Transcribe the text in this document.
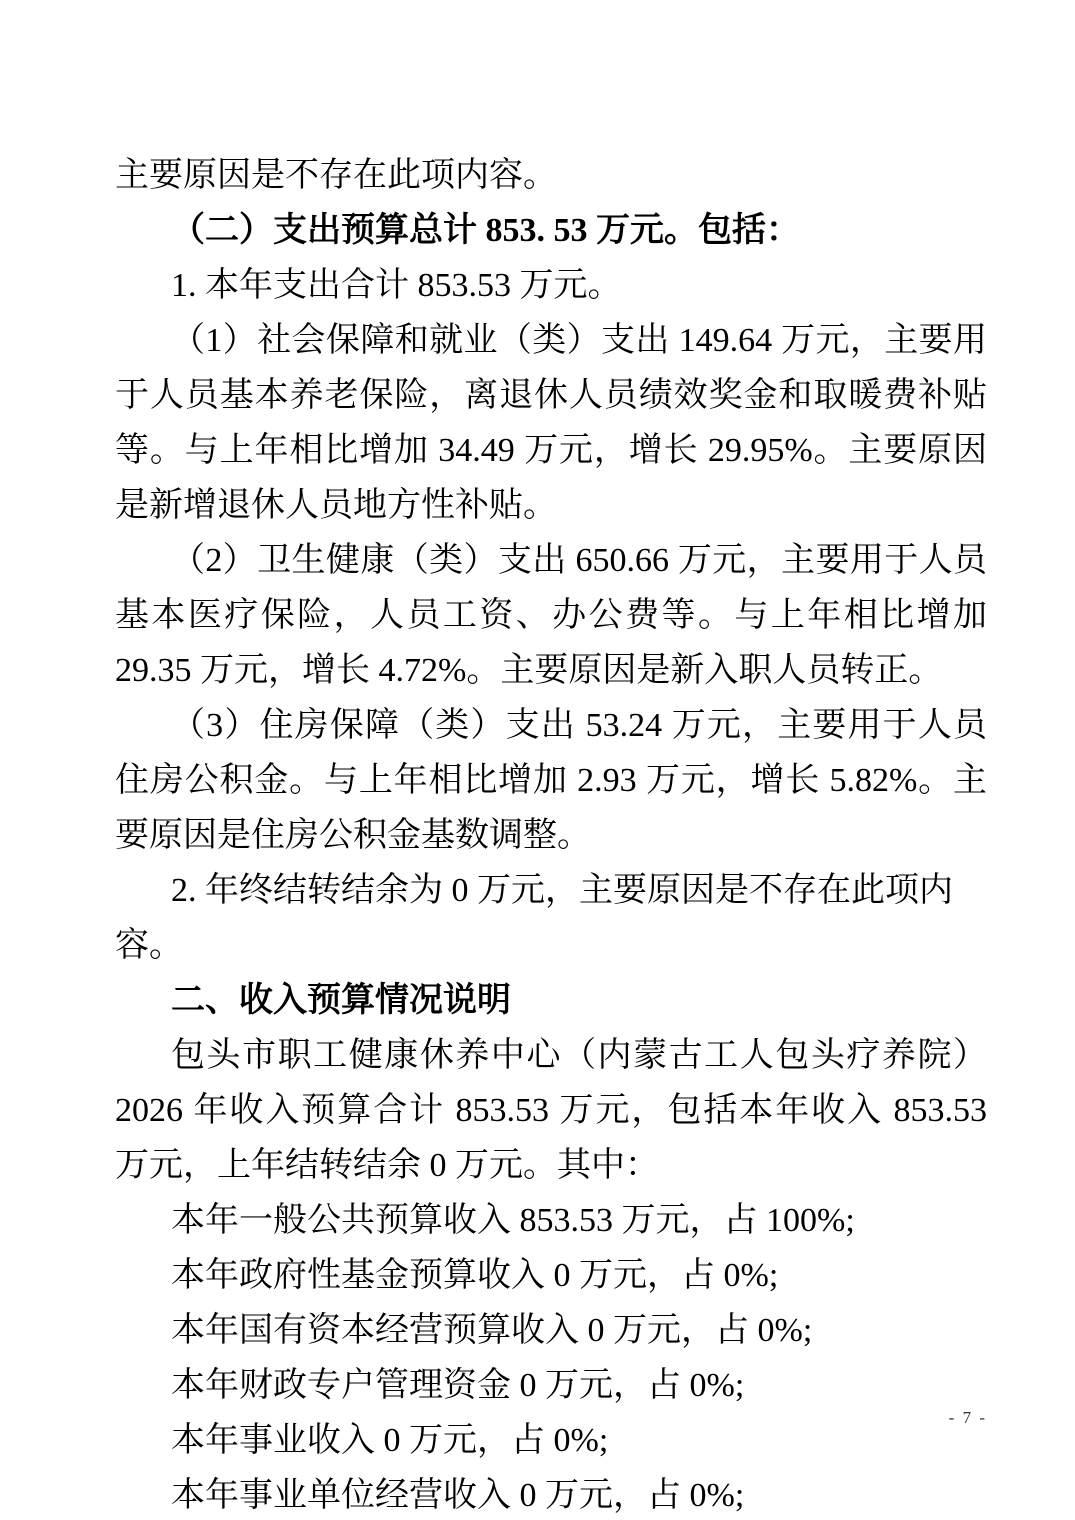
主要原因是不存在此项内容。

（二）支出预算总计 853. 53 万元。包括：

1. 本年支出合计 853.53 万元。

（1）社会保障和就业（类）支出 149.64 万元，主要用于人员基本养老保险，离退休人员绩效奖金和取暖费补贴等。与上年相比增加 34.49 万元，增长 29.95%。主要原因是新增退休人员地方性补贴。

（2）卫生健康（类）支出 650.66 万元，主要用于人员基本医疗保险，人员工资、办公费等。与上年相比增加 29.35 万元，增长 4.72%。主要原因是新入职人员转正。

（3）住房保障（类）支出 53.24 万元，主要用于人员住房公积金。与上年相比增加 2.93 万元，增长 5.82%。主要原因是住房公积金基数调整。

2. 年终结转结余为 0 万元，主要原因是不存在此项内容。

二、收入预算情况说明

包头市职工健康休养中心（内蒙古工人包头疗养院）2026 年收入预算合计 853.53 万元，包括本年收入 853.53 万元，上年结转结余 0 万元。其中：

本年一般公共预算收入 853.53 万元，占 100%;

本年政府性基金预算收入 0 万元，占 0%;

本年国有资本经营预算收入 0 万元，占 0%;

本年财政专户管理资金 0 万元，占 0%;

本年事业收入 0 万元，占 0%;

本年事业单位经营收入 0 万元，占 0%;

- 7 -
